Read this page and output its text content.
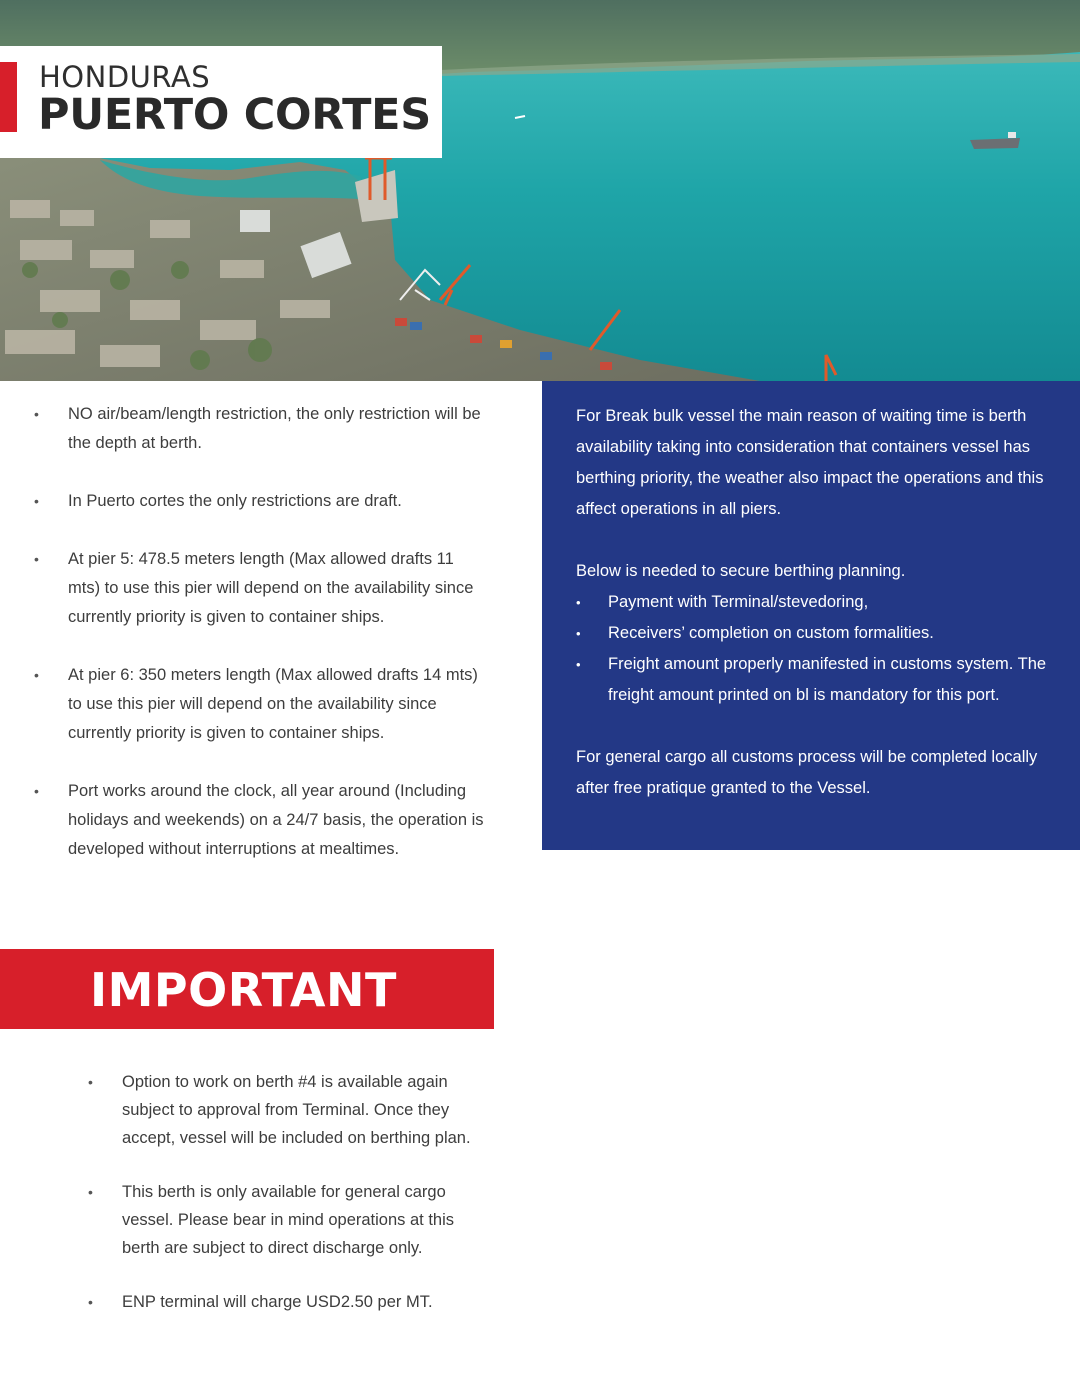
HONDURAS
PUERTO CORTES
• NO air/beam/length restriction, the only restriction will be the depth at berth.
• In Puerto cortes the only restrictions are draft.
• At pier 5: 478.5 meters length (Max allowed drafts 11 mts) to use this pier will depend on the availability since currently priority is given to container ships.
• At pier 6: 350 meters length (Max allowed drafts 14 mts) to use this pier will depend on the availability since currently priority is given to container ships.
• Port works around the clock, all year around (Including holidays and weekends) on a 24/7 basis, the operation is developed without interruptions at mealtimes.

For Break bulk vessel the main reason of waiting time is berth availability taking into consideration that containers vessel has berthing priority, the weather also impact the operations and this affect operations in all piers.

Below is needed to secure berthing planning.

• Payment with Terminal/stevedoring,
• Receivers’ completion on custom formalities.
• Freight amount properly manifested in customs system. The freight amount printed on bl is mandatory for this port.

For general cargo all customs process will be completed locally after free pratique granted to the Vessel.

IMPORTANT
• Option to work on berth #4 is available again subject to approval from Terminal. Once they accept, vessel will be included on berthing plan.
• This berth is only available for general cargo vessel. Please bear in mind operations at this berth are subject to direct discharge only.
• ENP terminal will charge USD2.50 per MT.
